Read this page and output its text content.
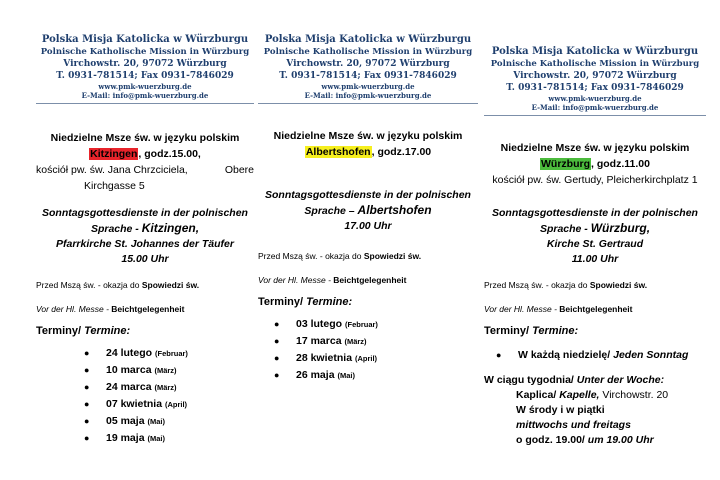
Polska Misja Katolicka w Würzburgu
Polnische Katholische Mission in Würzburg
Virchowstr. 20, 97072 Würzburg
T. 0931-781514; Fax 0931-7846029
www.pmk-wuerzburg.de
E-Mail: info@pmk-wuerzburg.de
Niedzielne Msze św. w języku polskim
Kitzingen, godz.15.00,
kościół pw. św. Jana Chrzciciela,	Obere
Kirchgasse 5
Sonntagsgottesdienste in der polnischen
Sprache - Kitzingen,
Pfarrkirche St. Johannes der Täufer
15.00 Uhr
Przed Mszą św. - okazja do Spowiedzi św.
Vor der Hl. Messe - Beichtgelegenheit
Terminy/ Termine:
● 24 lutego (Februar)
● 10 marca (März)
● 24 marca (März)
● 07 kwietnia (April)
● 05 maja (Mai)
● 19 maja (Mai)
Polska Misja Katolicka w Würzburgu
Polnische Katholische Mission in Würzburg
Virchowstr. 20, 97072 Würzburg
T. 0931-781514; Fax 0931-7846029
www.pmk-wuerzburg.de
E-Mail: info@pmk-wuerzburg.de
Niedzielne Msze św. w języku polskim
Albertshofen, godz.17.00
Sonntagsgottesdienste in der polnischen
Sprache – Albertshofen
17.00 Uhr
Przed Mszą św. - okazja do Spowiedzi św.
Vor der Hl. Messe - Beichtgelegenheit
Terminy/ Termine:
● 03 lutego (Februar)
● 17 marca (März)
● 28 kwietnia (April)
● 26 maja (Mai)
Polska Misja Katolicka w Würzburgu
Polnische Katholische Mission in Würzburg
Virchowstr. 20, 97072 Würzburg
T. 0931-781514; Fax 0931-7846029
www.pmk-wuerzburg.de
E-Mail: info@pmk-wuerzburg.de
Niedzielne Msze św. w języku polskim
Würzburg, godz.11.00
kościół pw. św. Gertudy, Pleicherkirchplatz 1
Sonntagsgottesdienste in der polnischen
Sprache - Würzburg,
Kirche St. Gertraud
11.00 Uhr
Przed Mszą św. - okazja do Spowiedzi św.
Vor der Hl. Messe - Beichtgelegenheit
Terminy/ Termine:
● W każdą niedzielę/ Jeden Sonntag
W ciągu tygodnia/ Unter der Woche:
Kaplica/ Kapelle, Virchowstr. 20
W środy i w piątki
mittwochs und freitags
o godz. 19.00/ um 19.00 Uhr
